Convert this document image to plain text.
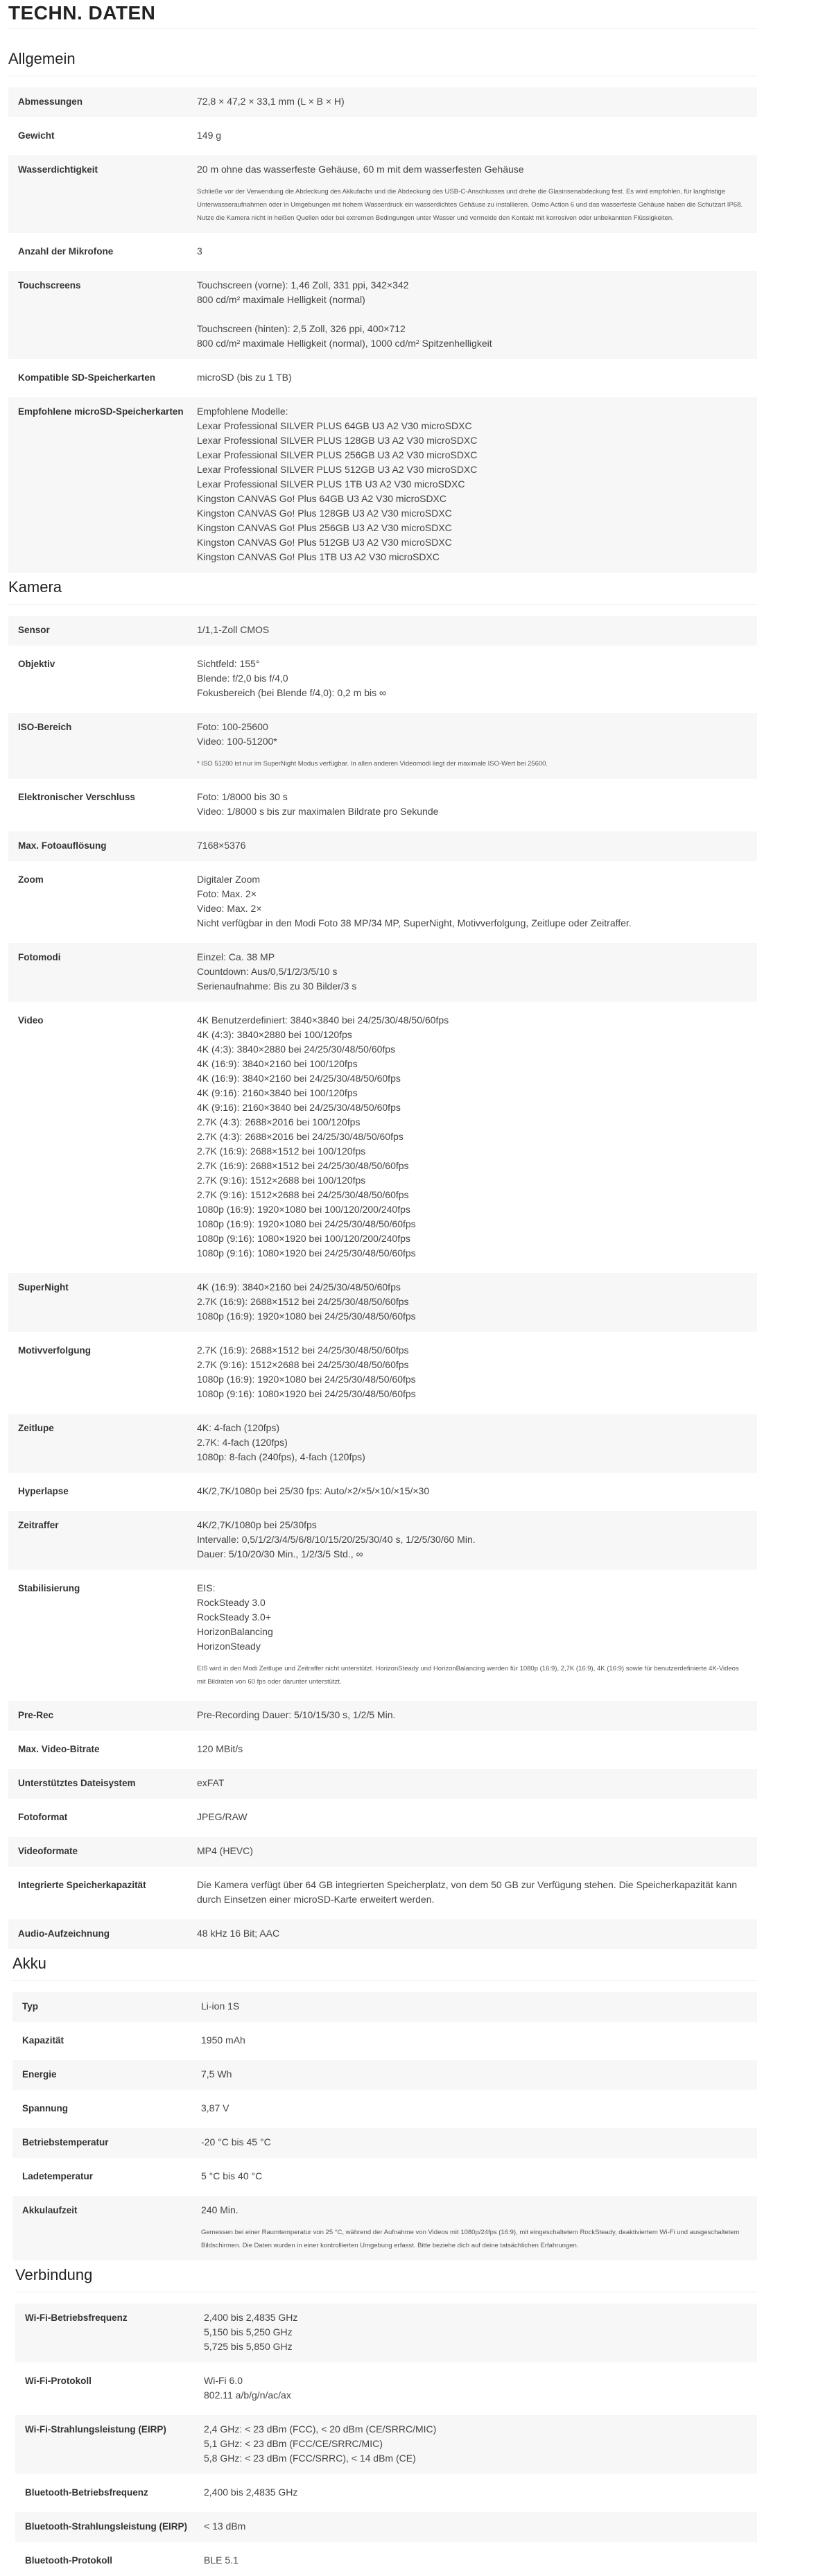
TECHN. DATEN
Allgemein
Abmessungen	72,8 × 47,2 × 33,1 mm (L × B × H)
Gewicht	149 g
Wasserdichtigkeit	20 m ohne das wasserfeste Gehäuse, 60 m mit dem wasserfesten Gehäuse
Schließe vor der Verwendung die Abdeckung des Akkufachs und die Abdeckung des USB-C-Anschlusses und drehe die Glasinsenabdeckung fest. Es wird empfohlen, für langfristige Unterwasseraufnahmen oder in Umgebungen mit hohem Wasserdruck ein wasserdichtes Gehäuse zu installieren. Osmo Action 6 und das wasserfeste Gehäuse haben die Schutzart IP68. Nutze die Kamera nicht in heißen Quellen oder bei extremen Bedingungen unter Wasser und vermeide den Kontakt mit korrosiven oder unbekannten Flüssigkeiten.
Anzahl der Mikrofone	3
Touchscreens	Touchscreen (vorne): 1,46 Zoll, 331 ppi, 342×342
800 cd/m² maximale Helligkeit (normal)
Touchscreen (hinten): 2,5 Zoll, 326 ppi, 400×712
800 cd/m² maximale Helligkeit (normal), 1000 cd/m² Spitzenhelligkeit
Kompatible SD-Speicherkarten	microSD (bis zu 1 TB)
Empfohlene microSD-Speicherkarten	Empfohlene Modelle:
Lexar Professional SILVER PLUS 64GB U3 A2 V30 microSDXC
Lexar Professional SILVER PLUS 128GB U3 A2 V30 microSDXC
Lexar Professional SILVER PLUS 256GB U3 A2 V30 microSDXC
Lexar Professional SILVER PLUS 512GB U3 A2 V30 microSDXC
Lexar Professional SILVER PLUS 1TB U3 A2 V30 microSDXC
Kingston CANVAS Go! Plus 64GB U3 A2 V30 microSDXC
Kingston CANVAS Go! Plus 128GB U3 A2 V30 microSDXC
Kingston CANVAS Go! Plus 256GB U3 A2 V30 microSDXC
Kingston CANVAS Go! Plus 512GB U3 A2 V30 microSDXC
Kingston CANVAS Go! Plus 1TB U3 A2 V30 microSDXC
Kamera
Sensor	1/1,1-Zoll CMOS
Objektiv	Sichtfeld: 155°
Blende: f/2,0 bis f/4,0
Fokusbereich (bei Blende f/4,0): 0,2 m bis ∞
ISO-Bereich	Foto: 100-25600
Video: 100-51200*
* ISO 51200 ist nur im SuperNight Modus verfügbar. In allen anderen Videomodi liegt der maximale ISO-Wert bei 25600.
Elektronischer Verschluss	Foto: 1/8000 bis 30 s
Video: 1/8000 s bis zur maximalen Bildrate pro Sekunde
Max. Fotoauflösung	7168×5376
Zoom	Digitaler Zoom
Foto: Max. 2×
Video: Max. 2×
Nicht verfügbar in den Modi Foto 38 MP/34 MP, SuperNight, Motivverfolgung, Zeitlupe oder Zeitraffer.
Fotomodi	Einzel: Ca. 38 MP
Countdown: Aus/0,5/1/2/3/5/10 s
Serienaufnahme: Bis zu 30 Bilder/3 s
Video	4K Benutzerdefiniert: 3840×3840 bei 24/25/30/48/50/60fps
4K (4:3): 3840×2880 bei 100/120fps
4K (4:3): 3840×2880 bei 24/25/30/48/50/60fps
4K (16:9): 3840×2160 bei 100/120fps
4K (16:9): 3840×2160 bei 24/25/30/48/50/60fps
4K (9:16): 2160×3840 bei 100/120fps
4K (9:16): 2160×3840 bei 24/25/30/48/50/60fps
2.7K (4:3): 2688×2016 bei 100/120fps
2.7K (4:3): 2688×2016 bei 24/25/30/48/50/60fps
2.7K (16:9): 2688×1512 bei 100/120fps
2.7K (16:9): 2688×1512 bei 24/25/30/48/50/60fps
2.7K (9:16): 1512×2688 bei 100/120fps
2.7K (9:16): 1512×2688 bei 24/25/30/48/50/60fps
1080p (16:9): 1920×1080 bei 100/120/200/240fps
1080p (16:9): 1920×1080 bei 24/25/30/48/50/60fps
1080p (9:16): 1080×1920 bei 100/120/200/240fps
1080p (9:16): 1080×1920 bei 24/25/30/48/50/60fps
SuperNight	4K (16:9): 3840×2160 bei 24/25/30/48/50/60fps
2.7K (16:9): 2688×1512 bei 24/25/30/48/50/60fps
1080p (16:9): 1920×1080 bei 24/25/30/48/50/60fps
Motivverfolgung	2.7K (16:9): 2688×1512 bei 24/25/30/48/50/60fps
2.7K (9:16): 1512×2688 bei 24/25/30/48/50/60fps
1080p (16:9): 1920×1080 bei 24/25/30/48/50/60fps
1080p (9:16): 1080×1920 bei 24/25/30/48/50/60fps
Zeitlupe	4K: 4-fach (120fps)
2.7K: 4-fach (120fps)
1080p: 8-fach (240fps), 4-fach (120fps)
Hyperlapse	4K/2,7K/1080p bei 25/30 fps: Auto/×2/×5/×10/×15/×30
Zeitraffer	4K/2,7K/1080p bei 25/30fps
Intervalle: 0,5/1/2/3/4/5/6/8/10/15/20/25/30/40 s, 1/2/5/30/60 Min.
Dauer: 5/10/20/30 Min., 1/2/3/5 Std., ∞
Stabilisierung	EIS:
RockSteady 3.0
RockSteady 3.0+
HorizonBalancing
HorizonSteady
EIS wird in den Modi Zeitlupe und Zeitraffer nicht unterstützt. HorizonSteady und HorizonBalancing werden für 1080p (16:9), 2,7K (16:9), 4K (16:9) sowie für benutzerdefinierte 4K-Videos mit Bildraten von 60 fps oder darunter unterstützt.
Pre-Rec	Pre-Recording Dauer: 5/10/15/30 s, 1/2/5 Min.
Max. Video-Bitrate	120 MBit/s
Unterstütztes Dateisystem	exFAT
Fotoformat	JPEG/RAW
Videoformate	MP4 (HEVC)
Integrierte Speicherkapazität	Die Kamera verfügt über 64 GB integrierten Speicherplatz, von dem 50 GB zur Verfügung stehen. Die Speicherkapazität kann durch Einsetzen einer microSD-Karte erweitert werden.
Audio-Aufzeichnung	48 kHz 16 Bit; AAC
Akku
Typ	Li-ion 1S
Kapazität	1950 mAh
Energie	7,5 Wh
Spannung	3,87 V
Betriebstemperatur	-20 °C bis 45 °C
Ladetemperatur	5 °C bis 40 °C
Akkulaufzeit	240 Min.
Gemessen bei einer Raumtemperatur von 25 °C, während der Aufnahme von Videos mit 1080p/24fps (16:9), mit eingeschaltetem RockSteady, deaktiviertem Wi-Fi und ausgeschaltetem Bildschirmen. Die Daten wurden in einer kontrollierten Umgebung erfasst. Bitte beziehe dich auf deine tatsächlichen Erfahrungen.
Verbindung
Wi-Fi-Betriebsfrequenz	2,400 bis 2,4835 GHz
5,150 bis 5,250 GHz
5,725 bis 5,850 GHz
Wi-Fi-Protokoll	Wi-Fi 6.0
802.11 a/b/g/n/ac/ax
Wi-Fi-Strahlungsleistung (EIRP)	2,4 GHz: < 23 dBm (FCC), < 20 dBm (CE/SRRC/MIC)
5,1 GHz: < 23 dBm (FCC/CE/SRRC/MIC)
5,8 GHz: < 23 dBm (FCC/SRRC), < 14 dBm (CE)
Bluetooth-Betriebsfrequenz	2,400 bis 2,4835 GHz
Bluetooth-Strahlungsleistung (EIRP)	< 13 dBm
Bluetooth-Protokoll	BLE 5.1
